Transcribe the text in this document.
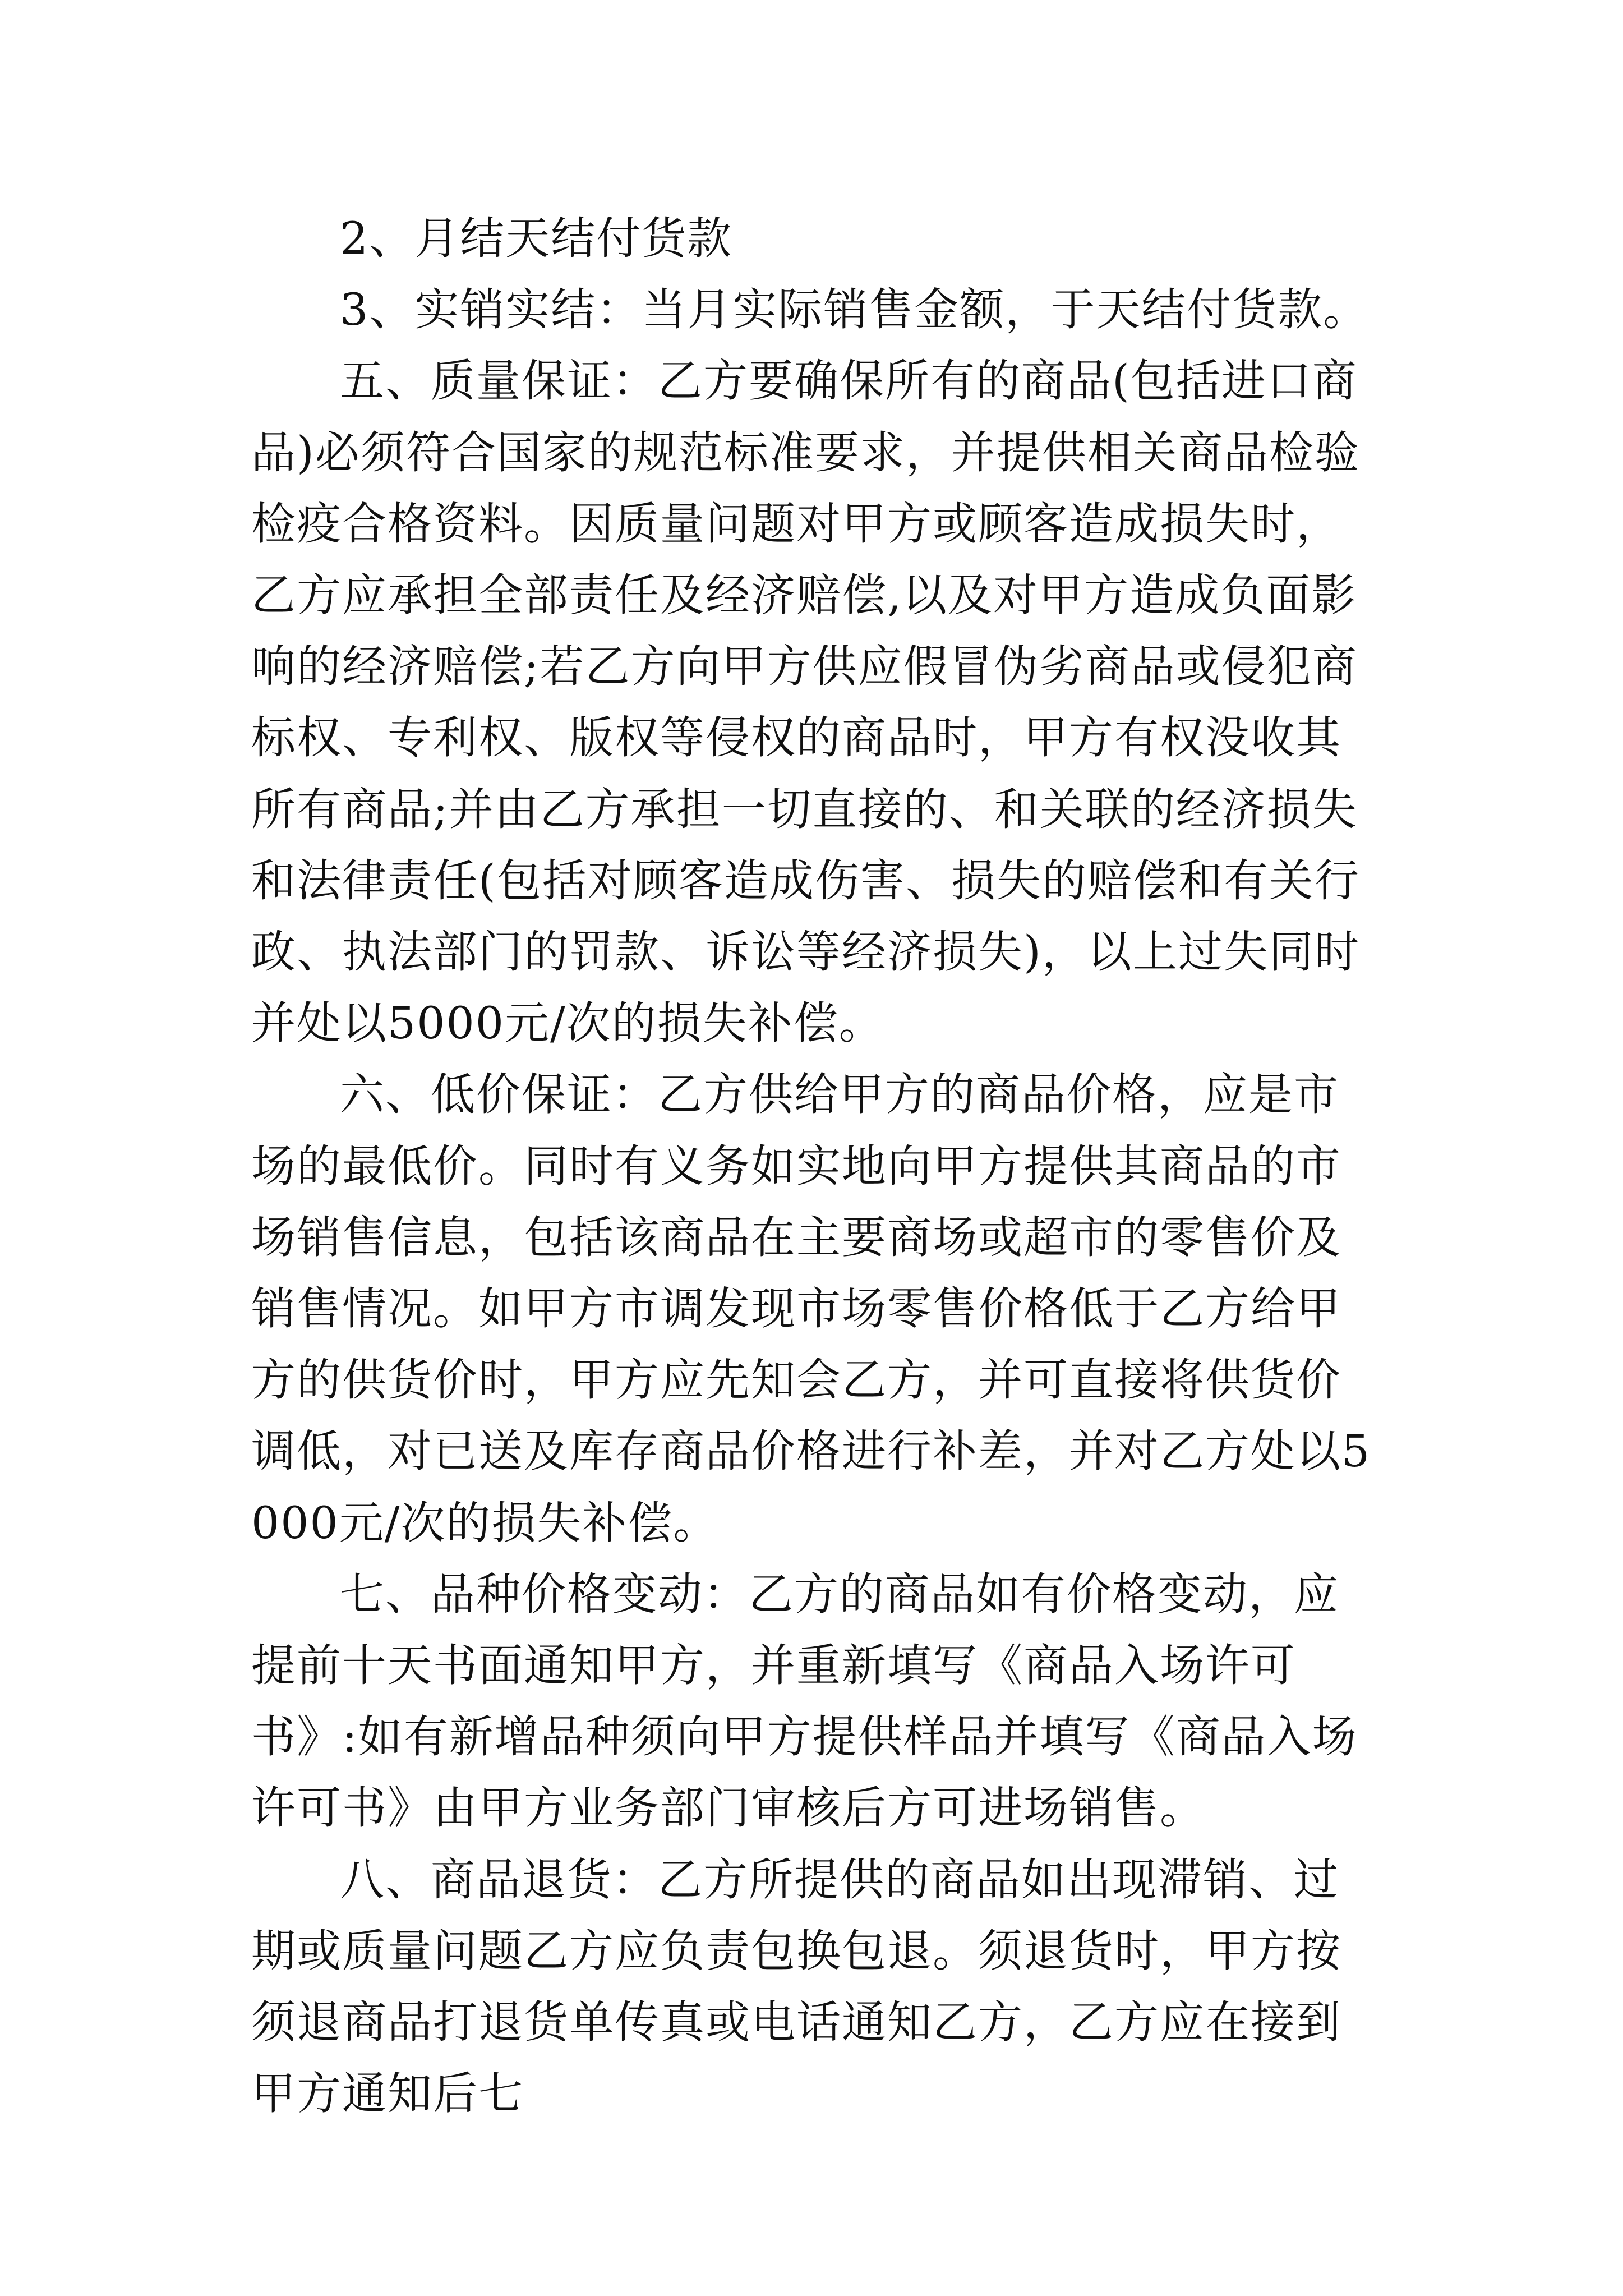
2、月结天结付货款

3、实销实结：当月实际销售金额，于天结付货款。

五、质量保证：乙方要确保所有的商品(包括进口商品)必须符合国家的规范标准要求，并提供相关商品检验检疫合格资料。因质量问题对甲方或顾客造成损失时，乙方应承担全部责任及经济赔偿,以及对甲方造成负面影响的经济赔偿;若乙方向甲方供应假冒伪劣商品或侵犯商标权、专利权、版权等侵权的商品时，甲方有权没收其所有商品;并由乙方承担一切直接的、和关联的经济损失和法律责任(包括对顾客造成伤害、损失的赔偿和有关行政、执法部门的罚款、诉讼等经济损失)，以上过失同时并处以5000元/次的损失补偿。

六、低价保证：乙方供给甲方的商品价格，应是市场的最低价。同时有义务如实地向甲方提供其商品的市场销售信息，包括该商品在主要商场或超市的零售价及销售情况。如甲方市调发现市场零售价格低于乙方给甲方的供货价时，甲方应先知会乙方，并可直接将供货价调低，对已送及库存商品价格进行补差，并对乙方处以5000元/次的损失补偿。

七、品种价格变动：乙方的商品如有价格变动，应提前十天书面通知甲方，并重新填写《商品入场许可书》:如有新增品种须向甲方提供样品并填写《商品入场许可书》由甲方业务部门审核后方可进场销售。

八、商品退货：乙方所提供的商品如出现滞销、过期或质量问题乙方应负责包换包退。须退货时，甲方按须退商品打退货单传真或电话通知乙方，乙方应在接到甲方通知后七
